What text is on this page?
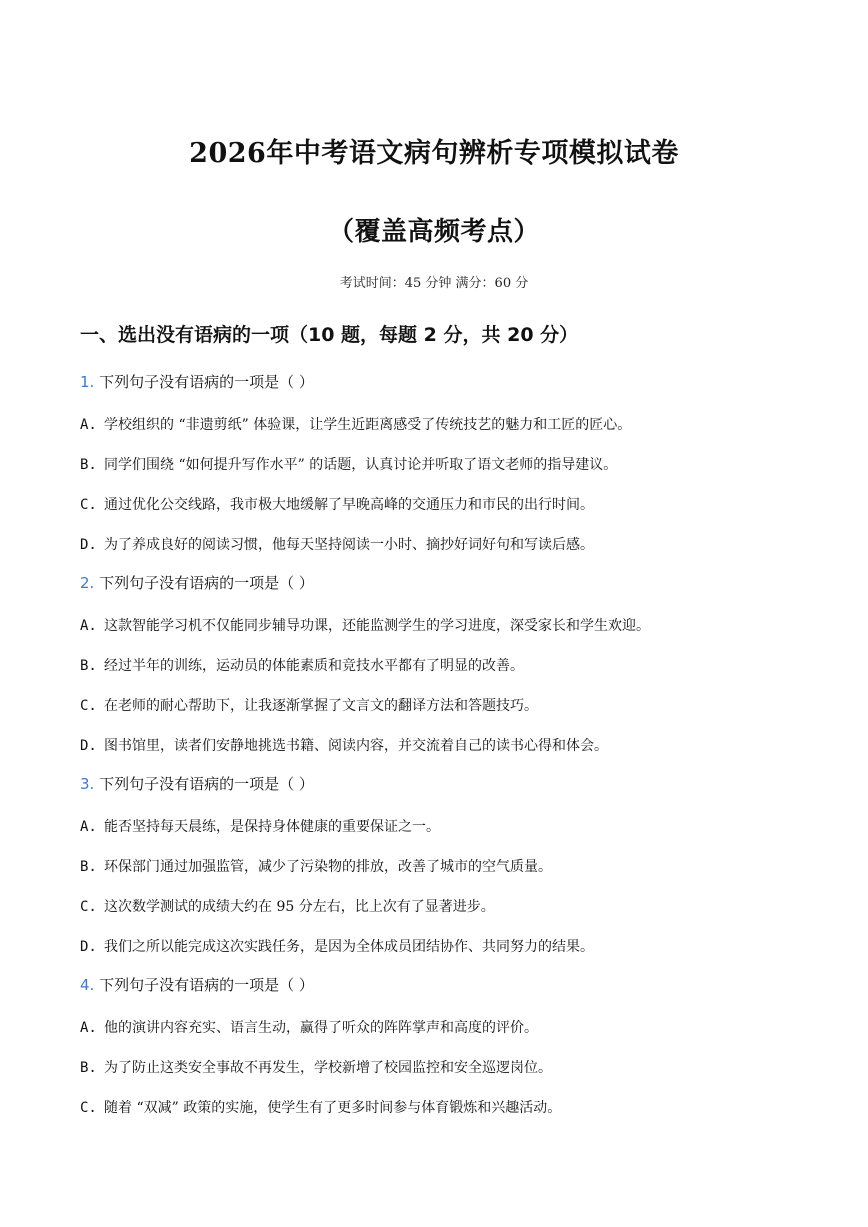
2026年中考语文病句辨析专项模拟试卷
（覆盖高频考点）
考试时间：45 分钟 满分：60 分
一、选出没有语病的一项（10 题，每题 2 分，共 20 分）
1. 下列句子没有语病的一项是（ ）
A. 学校组织的 “非遗剪纸” 体验课，让学生近距离感受了传统技艺的魅力和工匠的匠心。
B. 同学们围绕 “如何提升写作水平” 的话题，认真讨论并听取了语文老师的指导建议。
C. 通过优化公交线路，我市极大地缓解了早晚高峰的交通压力和市民的出行时间。
D. 为了养成良好的阅读习惯，他每天坚持阅读一小时、摘抄好词好句和写读后感。
2. 下列句子没有语病的一项是（ ）
A. 这款智能学习机不仅能同步辅导功课，还能监测学生的学习进度，深受家长和学生欢迎。
B. 经过半年的训练，运动员的体能素质和竞技水平都有了明显的改善。
C. 在老师的耐心帮助下，让我逐渐掌握了文言文的翻译方法和答题技巧。
D. 图书馆里，读者们安静地挑选书籍、阅读内容，并交流着自己的读书心得和体会。
3. 下列句子没有语病的一项是（ ）
A. 能否坚持每天晨练，是保持身体健康的重要保证之一。
B. 环保部门通过加强监管，减少了污染物的排放，改善了城市的空气质量。
C. 这次数学测试的成绩大约在 95 分左右，比上次有了显著进步。
D. 我们之所以能完成这次实践任务，是因为全体成员团结协作、共同努力的结果。
4. 下列句子没有语病的一项是（ ）
A. 他的演讲内容充实、语言生动，赢得了听众的阵阵掌声和高度的评价。
B. 为了防止这类安全事故不再发生，学校新增了校园监控和安全巡逻岗位。
C. 随着 “双减” 政策的实施，使学生有了更多时间参与体育锻炼和兴趣活动。
